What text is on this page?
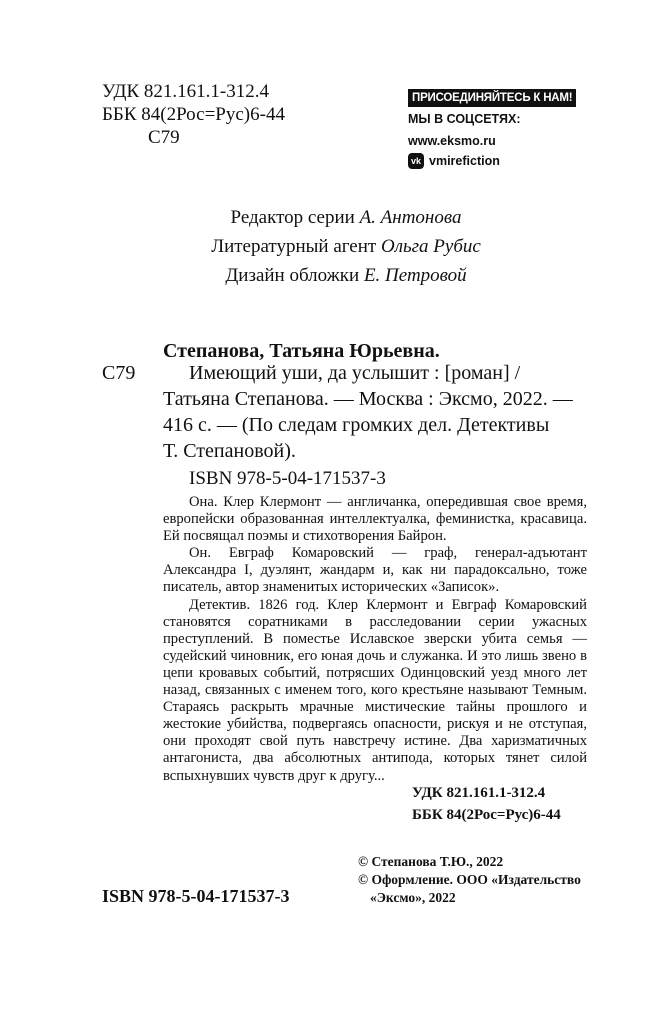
УДК 821.161.1-312.4
ББК 84(2Рос=Рус)6-44
С79
ПРИСОЕДИНЯЙТЕСЬ К НАМ!
МЫ В СОЦСЕТЯХ:
www.eksmo.ru
vk vmirefiction
Редактор серии А. Антонова
Литературный агент Ольга Рубис
Дизайн обложки Е. Петровой
Степанова, Татьяна Юрьевна.
С79	Имеющий уши, да услышит : [роман] /
Татьяна Степанова. — Москва : Эксмо, 2022. —
416 с. — (По следам громких дел. Детективы
Т. Степановой).
ISBN 978-5-04-171537-3

Она. Клер Клермонт — англичанка, опередившая свое время, европейски образованная интеллектуалка, феминистка, красавица. Ей посвящал поэмы и стихотворения Байрон.

Он. Евграф Комаровский — граф, генерал-адъютант Александра I, дуэлянт, жандарм и, как ни парадоксально, тоже писатель, автор знаменитых исторических «Записок».

Детектив. 1826 год. Клер Клермонт и Евграф Комаровский становятся соратниками в расследовании серии ужасных преступлений. В поместье Иславское зверски убита семья — судейский чиновник, его юная дочь и служанка. И это лишь звено в цепи кровавых событий, потрясших Одинцовский уезд много лет назад, связанных с именем того, кого крестьяне называют Темным. Стараясь раскрыть мрачные мистические тайны прошлого и жестокие убийства, подвергаясь опасности, рискуя и не отступая, они проходят свой путь навстречу истине. Два харизматичных антагониста, два абсолютных антипода, которых тянет силой вспыхнувших чувств друг к другу...

УДК 821.161.1-312.4
ББК 84(2Рос=Рус)6-44
ISBN 978-5-04-171537-3
© Степанова Т.Ю., 2022
© Оформление. ООО «Издательство
«Эксмо», 2022
